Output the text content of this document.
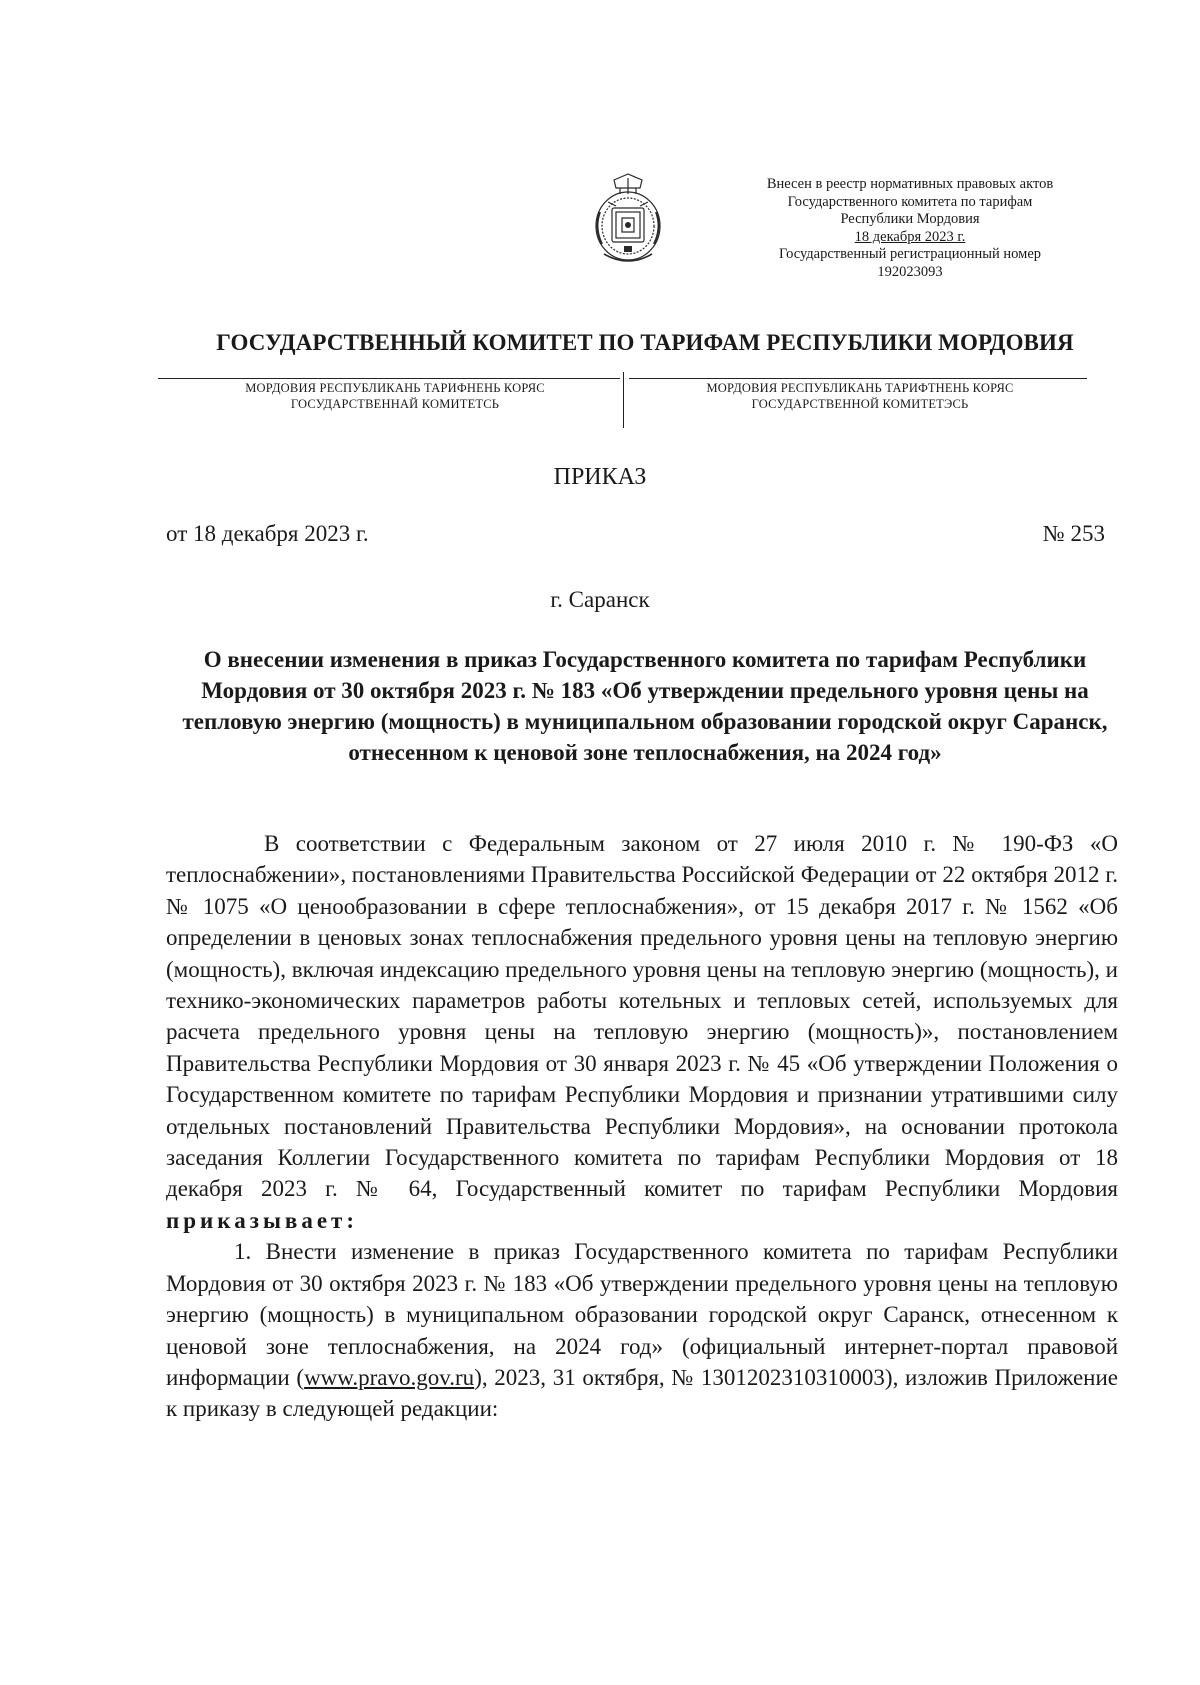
Внесен в реестр нормативных правовых актов
Государственного комитета по тарифам
Республики Мордовия
18 декабря 2023 г.
Государственный регистрационный номер
192023093
ГОСУДАРСТВЕННЫЙ КОМИТЕТ ПО ТАРИФАМ РЕСПУБЛИКИ МОРДОВИЯ
МОРДОВИЯ РЕСПУБЛИКАНЬ ТАРИФНЕНЬ КОРЯС
ГОСУДАРСТВЕННАЙ КОМИТЕТСЬ
МОРДОВИЯ РЕСПУБЛИКАНЬ ТАРИФТНЕНЬ КОРЯС
ГОСУДАРСТВЕННОЙ КОМИТЕТЭСЬ
ПРИКАЗ
от 18 декабря 2023 г.	№ 253
г. Саранск
О внесении изменения в приказ Государственного комитета по тарифам Республики Мордовия от 30 октября 2023 г. № 183 «Об утверждении предельного уровня цены на тепловую энергию (мощность) в муниципальном образовании городской округ Саранск, отнесенном к ценовой зоне теплоснабжения, на 2024 год»

В соответствии с Федеральным законом от 27 июля 2010 г. № 190-ФЗ «О теплоснабжении», постановлениями Правительства Российской Федерации от 22 октября 2012 г. № 1075 «О ценообразовании в сфере теплоснабжения», от 15 декабря 2017 г. № 1562 «Об определении в ценовых зонах теплоснабжения предельного уровня цены на тепловую энергию (мощность), включая индексацию предельного уровня цены на тепловую энергию (мощность), и технико-экономических параметров работы котельных и тепловых сетей, используемых для расчета предельного уровня цены на тепловую энергию (мощность)», постановлением Правительства Республики Мордовия от 30 января 2023 г. № 45 «Об утверждении Положения о Государственном комитете по тарифам Республики Мордовия и признании утратившими силу отдельных постановлений Правительства Республики Мордовия», на основании протокола заседания Коллегии Государственного комитета по тарифам Республики Мордовия от 18 декабря 2023 г. № 64, Государственный комитет по тарифам Республики Мордовия приказывает:

1. Внести изменение в приказ Государственного комитета по тарифам Республики Мордовия от 30 октября 2023 г. № 183 «Об утверждении предельного уровня цены на тепловую энергию (мощность) в муниципальном образовании городской округ Саранск, отнесенном к ценовой зоне теплоснабжения, на 2024 год» (официальный интернет-портал правовой информации (www.pravo.gov.ru), 2023, 31 октября, № 1301202310310003), изложив Приложение к приказу в следующей редакции:
